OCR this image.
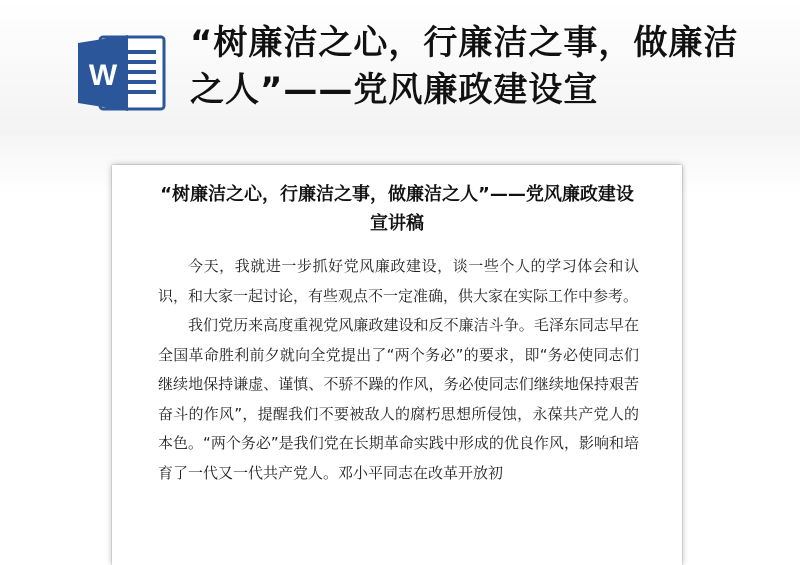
W
“树廉洁之心，行廉洁之事，做廉洁之人”——党风廉政建设宣
“树廉洁之心，行廉洁之事，做廉洁之人”——党风廉政建设宣讲稿

今天，我就进一步抓好党风廉政建设，谈一些个人的学习体会和认识，和大家一起讨论，有些观点不一定准确，供大家在实际工作中参考。

我们党历来高度重视党风廉政建设和反不廉洁斗争。毛泽东同志早在全国革命胜利前夕就向全党提出了“两个务必”的要求，即“务必使同志们继续地保持谦虚、谨慎、不骄不躁的作风，务必使同志们继续地保持艰苦奋斗的作风”，提醒我们不要被敌人的腐朽思想所侵蚀，永葆共产党人的本色。“两个务必”是我们党在长期革命实践中形成的优良作风，影响和培育了一代又一代共产党人。邓小平同志在改革开放初
